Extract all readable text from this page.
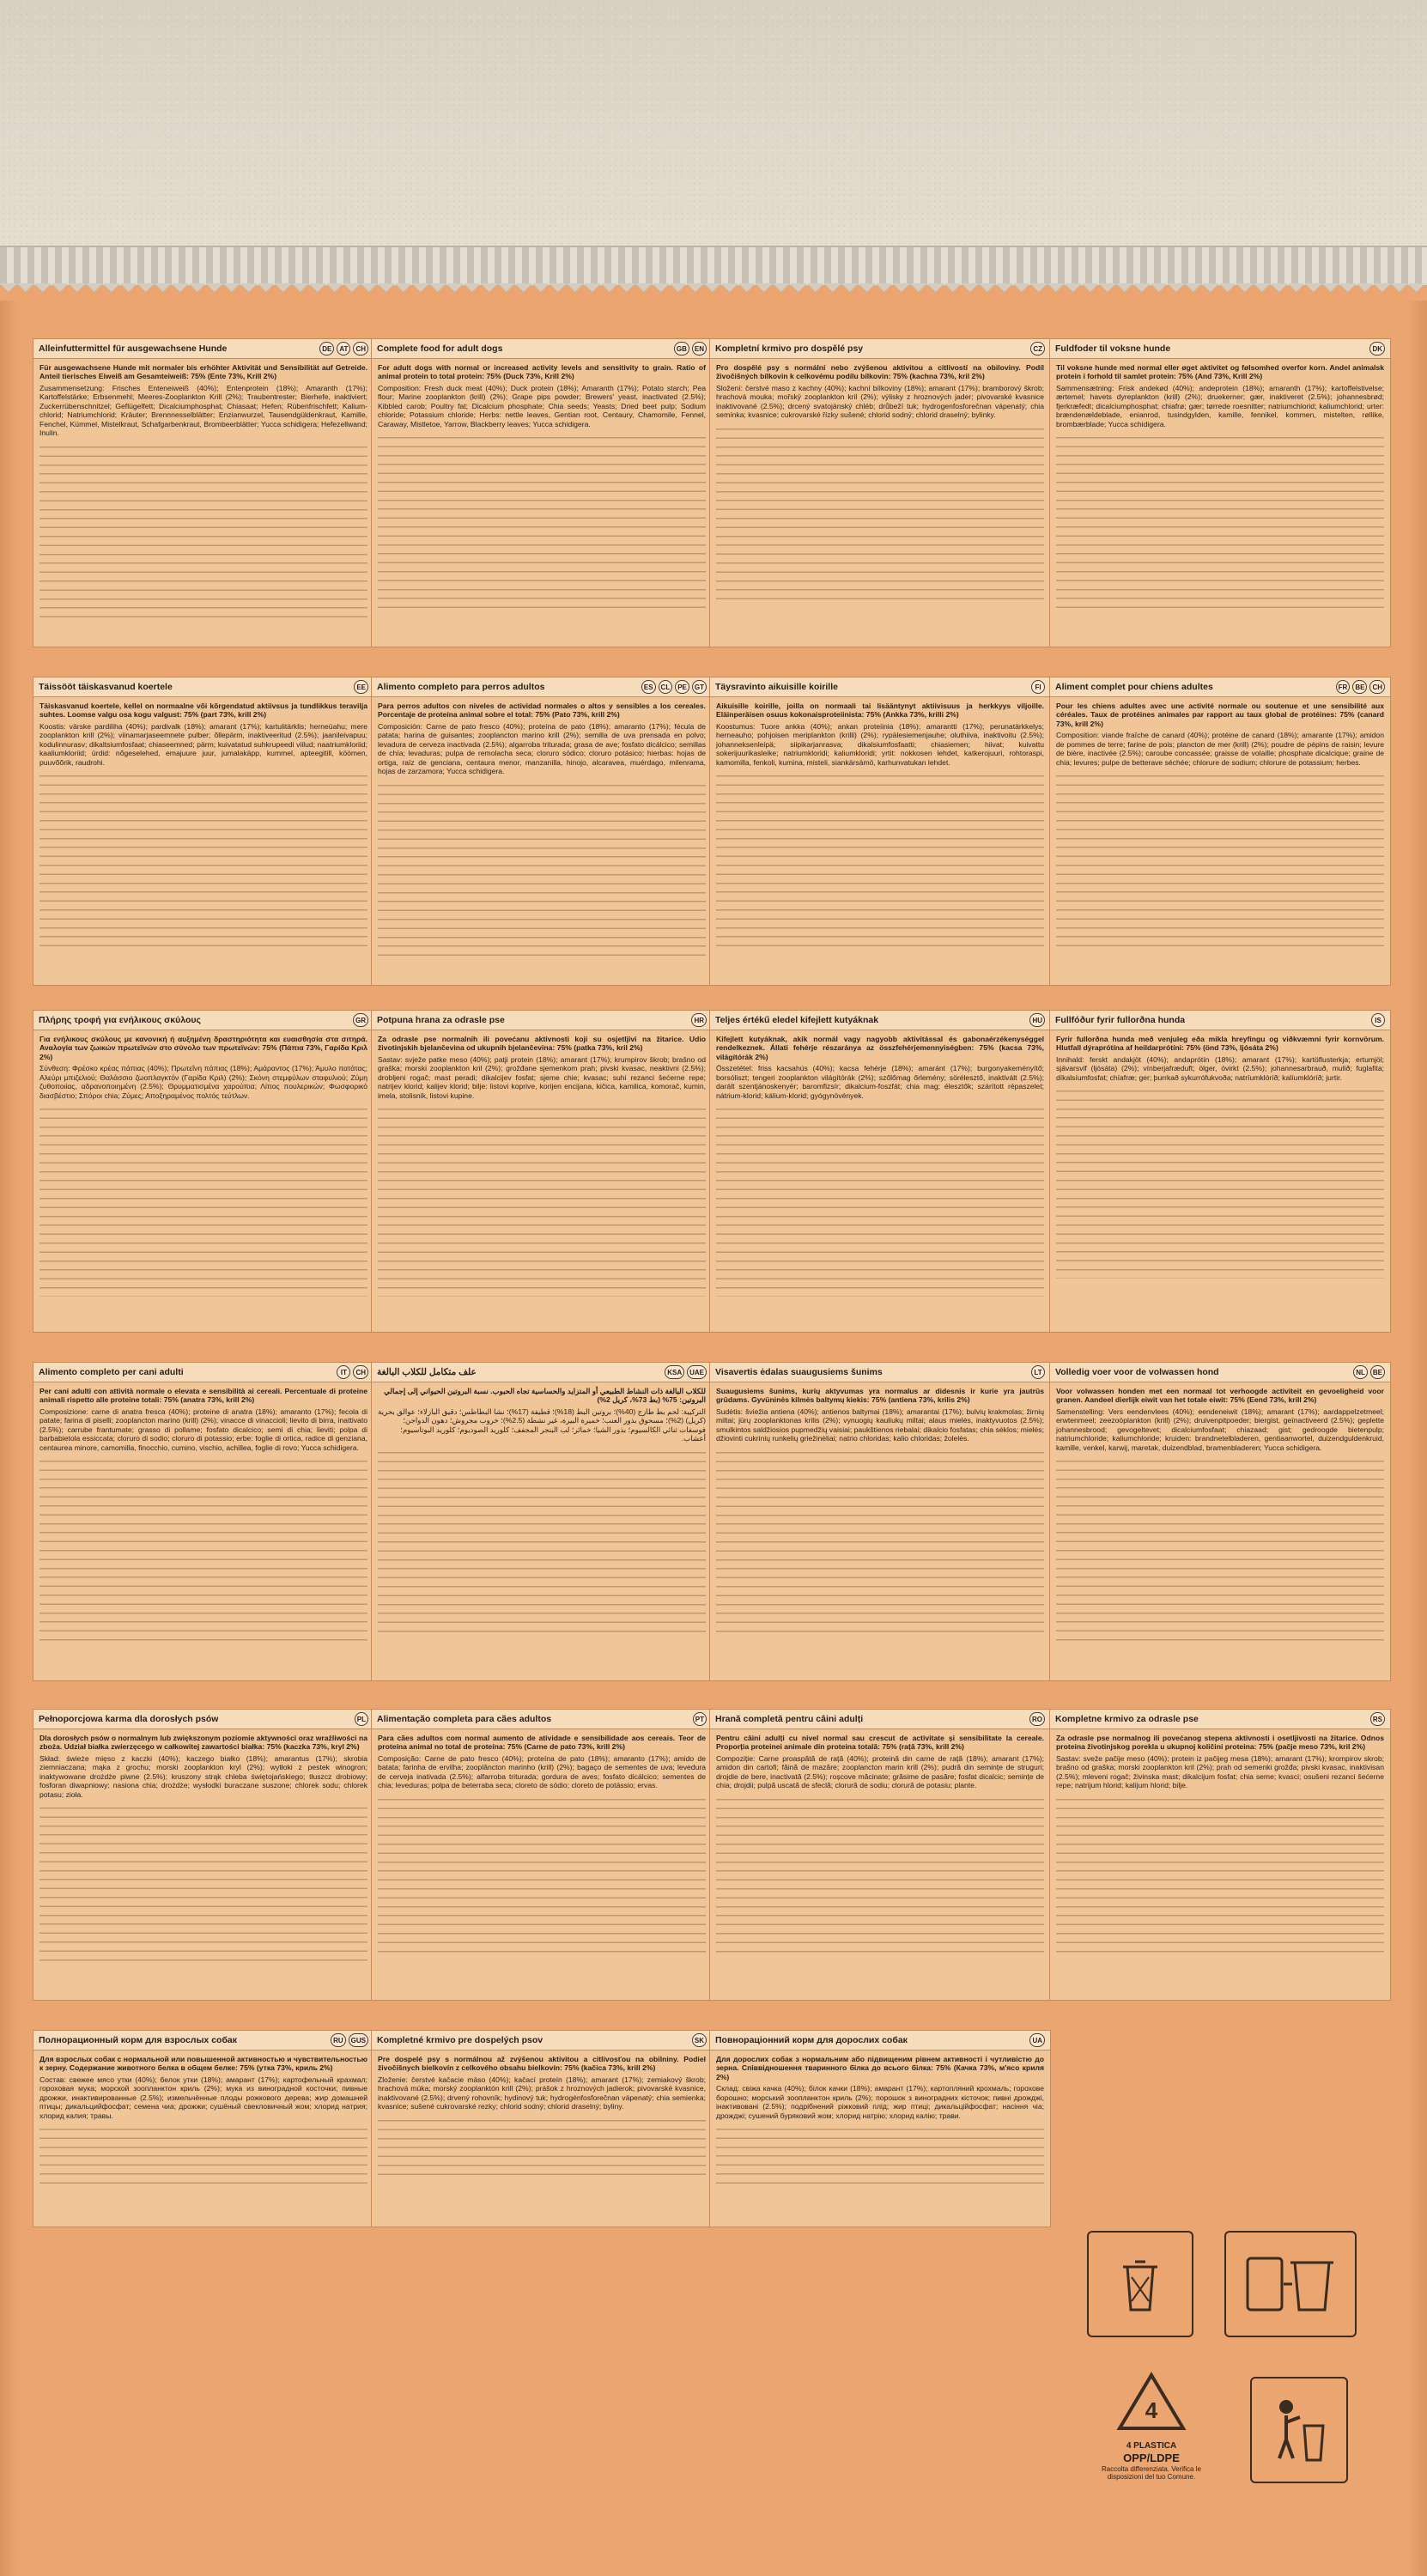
Alleinfuttermittel für ausgewachsene Hunde	DE	AT	CH

Für ausgewachsene Hunde mit normaler bis erhöhter Aktivität und Sensibilität auf Getreide. Anteil tierisches Eiweiß am Gesamteiweiß: 75% (Ente 73%, Krill 2%)

Zusammensetzung: Frisches Enteneiweiß (40%); Entenprotein (18%); Amaranth (17%); Kartoffelstärke; Erbsenmehl; Meeres-Zooplankton Krill (2%); Traubentrester; Bierhefe, inaktiviert; Zuckerrübenschnitzel; Geflügelfett; Dicalciumphosphat; Chiasaat; Hefen; Rübenfrischfett; Kalium-chlorid; Natriumchlorid; Kräuter; Brennnesselblätter; Enzianwurzel, Tausendgüldenkraut, Kamille, Fenchel, Kümmel, Mistelkraut, Schafgarbenkraut, Brombeerblätter; Yucca schidigera; Hefezellwand; Inulin.

Complete food for adult dogs	GB	EN

For adult dogs with normal or increased activity levels and sensitivity to grain. Ratio of animal protein to total protein: 75% (Duck 73%, Krill 2%)

Composition: Fresh duck meat (40%); Duck protein (18%); Amaranth (17%); Potato starch; Pea flour; Marine zooplankton (krill) (2%); Grape pips powder; Brewers' yeast, inactivated (2.5%); Kibbled carob; Poultry fat; Dicalcium phosphate; Chia seeds; Yeasts; Dried beet pulp; Sodium chloride; Potassium chloride; Herbs: nettle leaves, Gentian root, Centaury, Chamomile, Fennel, Caraway, Mistletoe, Yarrow, Blackberry leaves; Yucca schidigera.

Kompletní krmivo pro dospělé psy	CZ

Pro dospělé psy s normální nebo zvýšenou aktivitou a citlivostí na obiloviny. Podíl živočišných bílkovin k celkovému podílu bílkovin: 75% (kachna 73%, kril 2%)

Složení: čerstvé maso z kachny (40%); kachní bílkoviny (18%); amarant (17%); bramborový škrob; hrachová mouka; mořský zooplankton kril (2%); výlisky z hroznových jader; pivovarské kvasnice inaktivované (2.5%); drcený svatojánský chléb; drůbeží tuk; hydrogenfosforečnan vápenatý; chia semínka; kvasnice; cukrovarské řízky sušené; chlorid sodný; chlorid draselný; bylinky.

Fuldfoder til voksne hunde	DK

Til voksne hunde med normal eller øget aktivitet og følsomhed overfor korn. Andel animalsk protein i forhold til samlet protein: 75% (And 73%, Krill 2%)

Sammensætning: Frisk andekød (40%); andeprotein (18%); amaranth (17%); kartoffelstivelse; ærtemel; havets dyreplankton (krill) (2%); druekerner; gær, inaktiveret (2.5%); johannesbrød; fjerkræfedt; dicalciumphosphat; chiafrø; gær; tørrede roesnitter; natriumchlorid; kaliumchlorid; urter: brændenældeblade, enianrod, tusindgylden, kamille, fennikel, kommen, mistelten, røllike, brombærblade; Yucca schidigera.

Täissööt täiskasvanud koertele	EE

Täiskasvanud koertele, kellel on normaalne või kõrgendatud aktiivsus ja tundlikkus teravilja suhtes. Loomse valgu osa kogu valgust: 75% (part 73%, krill 2%)

Koostis: värske pardiliha (40%); pardivalk (18%); amarant (17%); kartulitärklis; herneüahu; mere zooplankton krill (2%); viinamarjaseemnete pulber; õllepärm, inaktiveeritud (2.5%); jaanileivapuu; kodulinnurasv; dikaltsiumfosfaat; chiaseemned; pärm; kuivatatud suhkrupeedi viilud; naatriumkloriid; kaaliumkloriid; ürdid: nõgeselehed, emajuure juur, jumalakäpp, kummel, apteegitill, köömen, puuvõõrik, raudrohi.

Alimento completo para perros adultos	ES	CL	PE	GT

Para perros adultos con niveles de actividad normales o altos y sensibles a los cereales. Porcentaje de proteína animal sobre el total: 75% (Pato 73%, krill 2%)

Composición: Carne de pato fresco (40%); proteína de pato (18%); amaranto (17%); fécula de patata; harina de guisantes; zooplancton marino krill (2%); semilla de uva prensada en polvo; levadura de cerveza inactivada (2.5%); algarroba triturada; grasa de ave; fosfato dicálcico; semillas de chía; levaduras; pulpa de remolacha seca; cloruro sódico; cloruro potásico; hierbas: hojas de ortiga, raíz de genciana, centaura menor, manzanilla, hinojo, alcaravea, muérdago, milenrama, hojas de zarzamora; Yucca schidigera.

Täysravinto aikuisille koirille	FI

Aikuisille koirille, joilla on normaali tai lisääntynyt aktiivisuus ja herkkyys viljoille. Eläinperäisen osuus kokonaisproteiinista: 75% (Ankka 73%, krilli 2%)

Koostumus: Tuore ankka (40%); ankan proteiinia (18%); amarantti (17%); perunatärkkelys; herneauho; pohjoisen meriplankton (krilli) (2%); rypälesiemenjauhe; oluthiiva, inaktivoitu (2.5%); johanneksenleipä; siipikarjanrasva; dikalsiumfosfaatti; chiasiemen; hiivat; kuivattu sokerijuurikasleike; natriumkloridi; kaliumkloridi; yrtit: nokkosen lehdet, katkerojuuri, rohtoraspi, kamomilla, fenkoli, kumina, misteli, siankärsämö, karhunvatukan lehdet.

Aliment complet pour chiens adultes	FR	BE	CH

Pour les chiens adultes avec une activité normale ou soutenue et une sensibilité aux céréales. Taux de protéines animales par rapport au taux global de protéines: 75% (canard 73%, krill 2%)

Composition: viande fraîche de canard (40%); protéine de canard (18%); amarante (17%); amidon de pommes de terre; farine de pois; plancton de mer (krill) (2%); poudre de pépins de raisin; levure de bière, inactivée (2.5%); caroube concassée; graisse de volaille; phosphate dicalcique; graine de chia; levures; pulpe de betterave séchée; chlorure de sodium; chlorure de potassium; herbes.

Πλήρης τροφή για ενήλικους σκύλους	GR

Για ενήλικους σκύλους με κανονική ή αυξημένη δραστηριότητα και ευαισθησία στα σιτηρά. Αναλογία των ζωικών πρωτεϊνών στο σύνολο των πρωτεϊνών: 75% (Πάπια 73%, Γαρίδα Κριλ 2%)

Σύνθεση: Φρέσκο κρέας πάπιας (40%); Πρωτεΐνη πάπιας (18%); Αμάραντος (17%); Άμυλο πατάτας; Αλεύρι μπιζελιού; Θαλάσσιο ζωοπλαγκτόν (Γαρίδα Κριλ) (2%); Σκόνη στεμφύλων σταφυλιού; Ζύμη ζυθοποιίας, αδρανοποιημένη (2.5%); Θρυμματισμένα χαρούπια; Λίπος πουλερικών; Φωσφορικό διασβέστιο; Σπόροι chia; Ζύμες; Αποξηραμένος πολτός τεύτλων.

Potpuna hrana za odrasle pse	HR

Za odrasle pse normalnih ili povećanu aktivnosti koji su osjetljivi na žitarice. Udio životinjskih bjelančevina od ukupnih bjelančevina: 75% (patka 73%, kril 2%)

Sastav: svježe patke meso (40%); patji protein (18%); amarant (17%); krumpirov škrob; brašno od graška; morski zooplankton kril (2%); grožđane sjemenkom prah; pivski kvasac, neaktivni (2.5%); drobljeni rogač; mast peradi; dikalcijev fosfat; sjeme chie; kvasac; suhi rezanci šećerne repe; natrijev klorid; kalijev klorid; bilje: listovi koprive, korijen encijana, kičica, kamilica, komorač, kumin, imela, stolisnik, listovi kupine.

Teljes értékű eledel kifejlett kutyáknak	HU

Kifejlett kutyáknak, akik normál vagy nagyobb aktivitással és gabonaérzékenységgel rendelkeznek. Állati fehérje részaránya az összfehérjemennyiségben: 75% (kacsa 73%, világítórák 2%)

Összetétel: friss kacsahús (40%); kacsa fehérje (18%); amaránt (17%); burgonyakeményítő; borsóliszt; tengeri zooplankton világítórák (2%); szőlőmag őrlemény; sörélesztő, inaktivált (2.5%); darált szentjánoskenyér; baromfizsír; dikalcium-foszfát; chia mag; élesztők; szárított répaszelet; nátrium-klorid; kálium-klorid; gyógynövények.

Fullfóður fyrir fullorðna hunda	IS

Fyrir fullorðna hunda með venjuleg eða mikla hreyfingu og viðkvæmni fyrir kornvörum. Hlutfall dýraprótína af heildarprótíni: 75% (önd 73%, ljósáta 2%)

Innihald: ferskt andakjöt (40%); andaprótín (18%); amarant (17%); kartöflusterkja; ertumjöl; sjávarsvif (ljósáta) (2%); vínberjafræduft; ölger, óvirkt (2.5%); johannesarbrauð, mulið; fuglafita; díkalsíumfosfat; chíafræ; ger; þurrkað sykurrófukvoða; natríumklóríð; kalíumklóríð; jurtir.

Alimento completo per cani adulti	IT	CH

Per cani adulti con attività normale o elevata e sensibilità ai cereali. Percentuale di proteine animali rispetto alle proteine totali: 75% (anatra 73%, krill 2%)

Composizione: carne di anatra fresca (40%); proteine di anatra (18%); amaranto (17%); fecola di patate; farina di piselli; zooplancton marino (krill) (2%); vinacce di vinaccioli; lievito di birra, inattivato (2.5%); carrube frantumate; grasso di pollame; fosfato dicalcico; semi di chia; lieviti; polpa di barbabietola essiccata; cloruro di sodio; cloruro di potassio; erbe: foglie di ortica, radice di genziana, centaurea minore, camomilla, finocchio, cumino, vischio, achillea, foglie di rovo; Yucca schidigera.

علف متكامل للكلاب البالغة	KSA	UAE

للكلاب البالغة ذات النشاط الطبيعي أو المتزايد والحساسية تجاه الحبوب. نسبة البروتين الحيواني إلى إجمالي البروتين: 75% (بط 73%، كريل 2%)

التركيبة: لحم بط طازج (40%)؛ بروتين البط (18%)؛ قطيفة (17%)؛ نشا البطاطس؛ دقيق البازلاء؛ عوالق بحرية (كريل) (2%)؛ مسحوق بذور العنب؛ خميرة البيرة، غير نشطة (2.5%)؛ خروب مجروش؛ دهون الدواجن؛ فوسفات ثنائي الكالسيوم؛ بذور الشيا؛ خمائر؛ لب البنجر المجفف؛ كلوريد الصوديوم؛ كلوريد البوتاسيوم؛ أعشاب.

Visavertis ėdalas suaugusiems šunims	LT

Suaugusiems šunims, kurių aktyvumas yra normalus ar didesnis ir kurie yra jautrūs grūdams. Gyvūninės kilmės baltymų kiekis: 75% (antiena 73%, krilis 2%)

Sudėtis: šviežia antiena (40%); antienos baltymai (18%); amarantai (17%); bulvių krakmolas; žirnių miltai; jūrų zooplanktonas krilis (2%); vynuogių kauliukų miltai; alaus mielės, inaktyvuotos (2.5%); smulkintos saldžiosios pupmedžių vaisiai; paukštienos riebalai; dikalcio fosfatas; chia sėklos; mielės; džiovinti cukrinių runkelių griežinėliai; natrio chloridas; kalio chloridas; žolelės.

Volledig voer voor de volwassen hond	NL	BE

Voor volwassen honden met een normaal tot verhoogde activiteit en gevoeligheid voor granen. Aandeel dierlijk eiwit van het totale eiwit: 75% (Eend 73%, krill 2%)

Samenstelling: Vers eendenvlees (40%); eendeneiwit (18%); amarant (17%); aardappelzetmeel; erwtenmeel; zeezoöplankton (krill) (2%); druivenpitpoeder; biergist, geïnactiveerd (2.5%); geplette johannesbrood; gevogeltevet; dicalciumfosfaat; chiazaad; gist; gedroogde bietenpulp; natriumchloride; kaliumchloride; kruiden: brandnetelbladeren, gentiaanwortel, duizendguldenkruid, kamille, venkel, karwij, maretak, duizendblad, bramenbladeren; Yucca schidigera.

Pełnoporcjowa karma dla dorosłych psów	PL

Dla dorosłych psów o normalnym lub zwiększonym poziomie aktywności oraz wrażliwości na zboża. Udział białka zwierzęcego w całkowitej zawartości białka: 75% (kaczka 73%, kryl 2%)

Skład: świeże mięso z kaczki (40%); kaczego białko (18%); amarantus (17%); skrobia ziemniaczana; mąka z grochu; morski zooplankton kryl (2%); wytłoki z pestek winogron; inaktywowane drożdże piwne (2.5%); kruszony strąk chleba świętojańskiego; tłuszcz drobiowy; fosforan diwapniowy; nasiona chia; drożdże; wysłodki buraczane suszone; chlorek sodu; chlorek potasu; zioła.

Alimentação completa para cães adultos	PT

Para cães adultos com normal aumento de atividade e sensibilidade aos cereais. Teor de proteína animal no total de proteína: 75% (Carne de pato 73%, krill 2%)

Composição: Carne de pato fresco (40%); proteína de pato (18%); amaranto (17%); amido de batata; farinha de ervilha; zooplâncton marinho (krill) (2%); bagaço de sementes de uva; levedura de cerveja inativada (2.5%); alfarroba triturada; gordura de aves; fosfato dicálcico; sementes de chia; leveduras; polpa de beterraba seca; cloreto de sódio; cloreto de potássio; ervas.

Hrană completă pentru câini adulți	RO

Pentru câini adulți cu nivel normal sau crescut de activitate și sensibilitate la cereale. Proporția proteinei animale din proteina totală: 75% (rață 73%, krill 2%)

Compoziție: Carne proaspătă de rață (40%); proteină din carne de rață (18%); amarant (17%); amidon din cartofi; făină de mazăre; zooplancton marin krill (2%); pudră din semințe de struguri; drojdie de bere, inactivată (2.5%); roșcove măcinate; grăsime de pasăre; fosfat dicalcic; semințe de chia; drojdii; pulpă uscată de sfeclă; clorură de sodiu; clorură de potasiu; plante.

Kompletne krmivo za odrasle pse	RS

Za odrasle pse normalnog ili povećanog stepena aktivnosti i osetljivosti na žitarice. Odnos proteina životinjskog porekla u ukupnoj količini proteina: 75% (pačje meso 73%, kril 2%)

Sastav: sveže pačije meso (40%); protein iz pačijeg mesa (18%); amarant (17%); krompirov skrob; brašno od graška; morski zooplankton kril (2%); prah od semenki grožđa; pivski kvasac, inaktivisan (2.5%); mleveni rogač; živinska mast; dikalcijum fosfat; chia seme; kvasci; osušeni rezanci šećerne repe; natrijum hlorid; kalijum hlorid; bilje.

Полнорационный корм для взрослых собак	RU	GUS

Для взрослых собак с нормальной или повышенной активностью и чувствительностью к зерну. Содержание животного белка в общем белке: 75% (утка 73%, криль 2%)

Состав: свежее мясо утки (40%); белок утки (18%); амарант (17%); картофельный крахмал; гороховая мука; морской зоопланктон криль (2%); мука из виноградной косточки; пивные дрожжи, инактивированные (2.5%); измельчённые плоды рожкового дерева; жир домашней птицы; дикальцийфосфат; семена чиа; дрожжи; сушёный свекловичный жом; хлорид натрия; хлорид калия; травы.

Kompletné krmivo pre dospelých psov	SK

Pre dospelé psy s normálnou až zvýšenou aktivitou a citlivosťou na obilniny. Podiel živočíšnych bielkovín z celkového obsahu bielkovín: 75% (kačica 73%, krill 2%)

Zloženie: čerstvé kačacie mäso (40%); kačací proteín (18%); amarant (17%); zemiakový škrob; hrachová múka; morský zooplanktón krill (2%); prášok z hroznových jadierok; pivovarské kvasnice, inaktivované (2.5%); drvený rohovník; hydinový tuk; hydrogénfosforečnan vápenatý; chia semienka; kvasnice; sušené cukrovarské rezky; chlorid sodný; chlorid draselný; byliny.

Повнораціонний корм для дорослих собак	UA

Для дорослих собак з нормальним або підвищеним рівнем активності і чутливістю до зерна. Співвідношення тваринного білка до всього білка: 75% (Качка 73%, м'ясо криля 2%)

Склад: свіжа качка (40%); білок качки (18%); амарант (17%); картопляний крохмаль; горохове борошно; морський зоопланктон криль (2%); порошок з виноградних кісточок; пивні дрожджі, інактивовані (2.5%); подрібнений ріжковий плід; жир птиці; дикальційфосфат; насіння чіа; дрожджі; сушений буряковий жом; хлорид натрію; хлорид калію; трави.

4
4 PLASTICA
OPP/LDPE
Raccolta differenziata. Verifica le disposizioni del tuo Comune.
